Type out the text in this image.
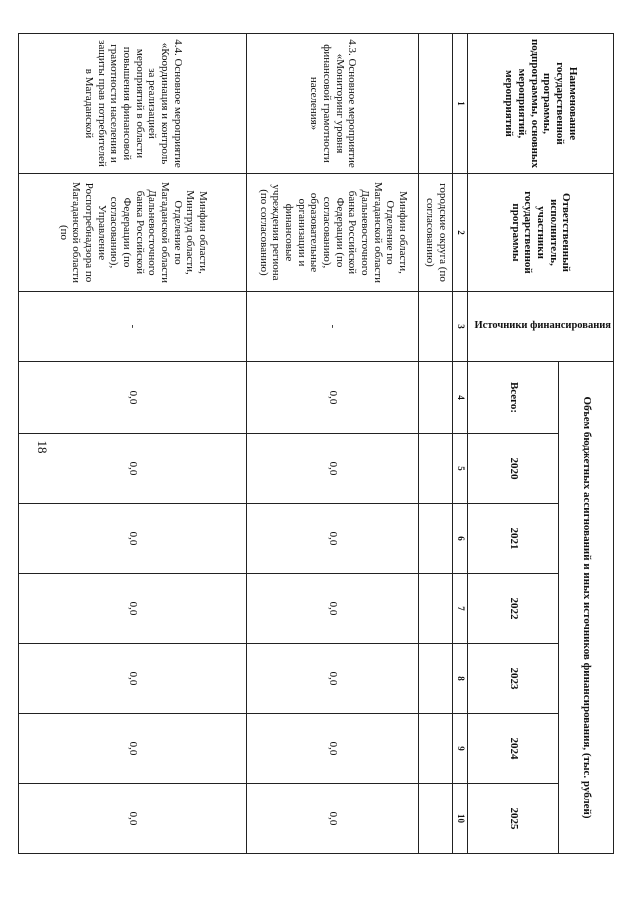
18
Наименование государственной программы, подпрограммы, основных мероприятий, мероприятий	Ответственный исполнитель, участники государственной программы	Источники финансирования	Объем бюджетных ассигнований и иных источников финансирования, (тыс. рублей)						
			Всего:	2020	2021	2022	2023	2024	2025
1	2	3	4	5	6	7	8	9	10
	городские округа (по согласованию)								
4.3. Основное мероприятие «Мониторинг уровня финансовой грамотности населения»	Минфин области, Отделение по Магаданской области Дальневосточного банка Российской Федерации (по согласованию), образовательные организации и финансовые учреждения региона (по согласованию)	-	0,0	0,0	0,0	0,0	0,0	0,0	0,0
4.4. Основное мероприятие «Координация и контроль за реализацией мероприятий в области повышения финансовой грамотности населения и защиты прав потребителей в Магаданской	Минфин области, Минтруд области, Отделение по Магаданской области Дальневосточного банка Российской Федерации (по согласованию), Управление Роспотребнадзора по Магаданской области (по	-	0,0	0,0	0,0	0,0	0,0	0,0	0,0
